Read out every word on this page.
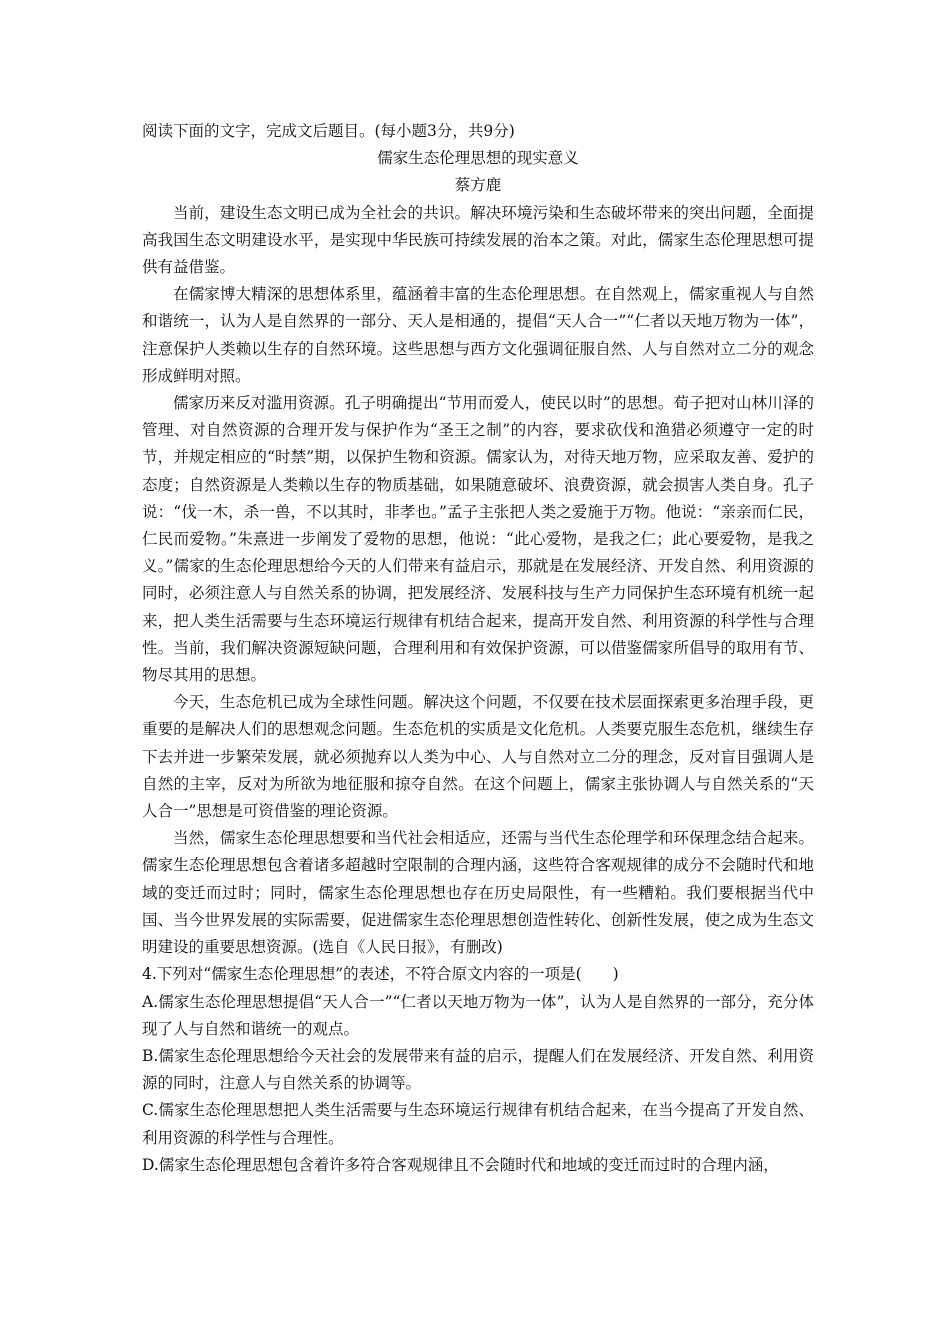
阅读下面的文字，完成文后题目。(每小题3分，共9分)

儒家生态伦理思想的现实意义

蔡方鹿

当前，建设生态文明已成为全社会的共识。解决环境污染和生态破坏带来的突出问题，全面提高我国生态文明建设水平，是实现中华民族可持续发展的治本之策。对此，儒家生态伦理思想可提供有益借鉴。

在儒家博大精深的思想体系里，蕴涵着丰富的生态伦理思想。在自然观上，儒家重视人与自然和谐统一，认为人是自然界的一部分、天人是相通的，提倡“天人合一”“仁者以天地万物为一体”，注意保护人类赖以生存的自然环境。这些思想与西方文化强调征服自然、人与自然对立二分的观念形成鲜明对照。

儒家历来反对滥用资源。孔子明确提出“节用而爱人，使民以时”的思想。荀子把对山林川泽的管理、对自然资源的合理开发与保护作为“圣王之制”的内容，要求砍伐和渔猎必须遵守一定的时节，并规定相应的“时禁”期，以保护生物和资源。儒家认为，对待天地万物，应采取友善、爱护的态度；自然资源是人类赖以生存的物质基础，如果随意破坏、浪费资源，就会损害人类自身。孔子说：“伐一木，杀一兽，不以其时，非孝也。”孟子主张把人类之爱施于万物。他说：“亲亲而仁民，仁民而爱物。”朱熹进一步阐发了爱物的思想，他说：“此心爱物，是我之仁；此心要爱物，是我之义。”儒家的生态伦理思想给今天的人们带来有益启示，那就是在发展经济、开发自然、利用资源的同时，必须注意人与自然关系的协调，把发展经济、发展科技与生产力同保护生态环境有机统一起来，把人类生活需要与生态环境运行规律有机结合起来，提高开发自然、利用资源的科学性与合理性。当前，我们解决资源短缺问题，合理利用和有效保护资源，可以借鉴儒家所倡导的取用有节、物尽其用的思想。

今天，生态危机已成为全球性问题。解决这个问题，不仅要在技术层面探索更多治理手段，更重要的是解决人们的思想观念问题。生态危机的实质是文化危机。人类要克服生态危机，继续生存下去并进一步繁荣发展，就必须抛弃以人类为中心、人与自然对立二分的理念，反对盲目强调人是自然的主宰，反对为所欲为地征服和掠夺自然。在这个问题上，儒家主张协调人与自然关系的“天人合一”思想是可资借鉴的理论资源。

当然，儒家生态伦理思想要和当代社会相适应，还需与当代生态伦理学和环保理念结合起来。儒家生态伦理思想包含着诸多超越时空限制的合理内涵，这些符合客观规律的成分不会随时代和地域的变迁而过时；同时，儒家生态伦理思想也存在历史局限性，有一些糟粕。我们要根据当代中国、当今世界发展的实际需要，促进儒家生态伦理思想创造性转化、创新性发展，使之成为生态文明建设的重要思想资源。(选自《人民日报》，有删改)

4.下列对“儒家生态伦理思想”的表述，不符合原文内容的一项是(　　)

A.儒家生态伦理思想提倡“天人合一”“仁者以天地万物为一体”，认为人是自然界的一部分，充分体现了人与自然和谐统一的观点。

B.儒家生态伦理思想给今天社会的发展带来有益的启示，提醒人们在发展经济、开发自然、利用资源的同时，注意人与自然关系的协调等。

C.儒家生态伦理思想把人类生活需要与生态环境运行规律有机结合起来，在当今提高了开发自然、利用资源的科学性与合理性。

D.儒家生态伦理思想包含着许多符合客观规律且不会随时代和地域的变迁而过时的合理内涵，
